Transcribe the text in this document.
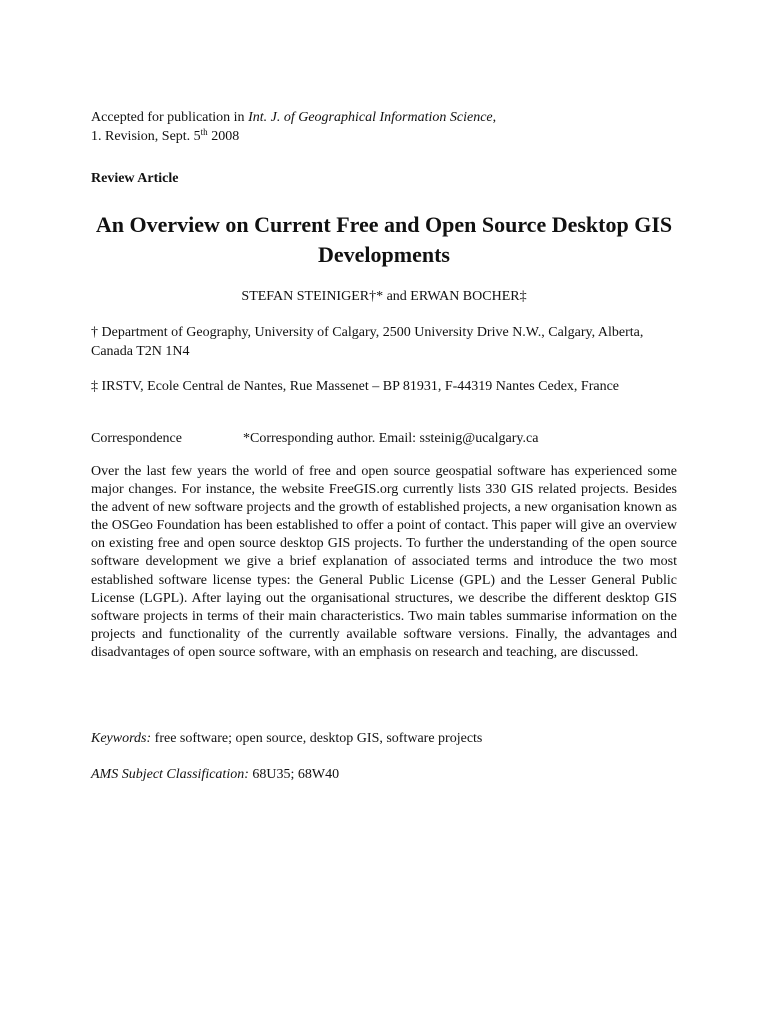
Accepted for publication in Int. J. of Geographical Information Science,
1. Revision, Sept. 5th 2008
Review Article
An Overview on Current Free and Open Source Desktop GIS Developments
STEFAN STEINIGER†* and ERWAN BOCHER‡
† Department of Geography, University of Calgary, 2500 University Drive N.W., Calgary, Alberta, Canada T2N 1N4
‡ IRSTV, Ecole Central de Nantes, Rue Massenet – BP 81931, F-44319 Nantes Cedex, France
Correspondence	*Corresponding author. Email: ssteinig@ucalgary.ca

Over the last few years the world of free and open source geospatial software has experienced some major changes. For instance, the website FreeGIS.org currently lists 330 GIS related projects. Besides the advent of new software projects and the growth of established projects, a new organisation known as the OSGeo Foundation has been established to offer a point of contact. This paper will give an overview on existing free and open source desktop GIS projects. To further the understanding of the open source software development we give a brief explanation of associated terms and introduce the two most established software license types: the General Public License (GPL) and the Lesser General Public License (LGPL). After laying out the organisational structures, we describe the different desktop GIS software projects in terms of their main characteristics. Two main tables summarise information on the projects and functionality of the currently available software versions. Finally, the advantages and disadvantages of open source software, with an emphasis on research and teaching, are discussed.

Keywords: free software; open source, desktop GIS, software projects
AMS Subject Classification: 68U35; 68W40
